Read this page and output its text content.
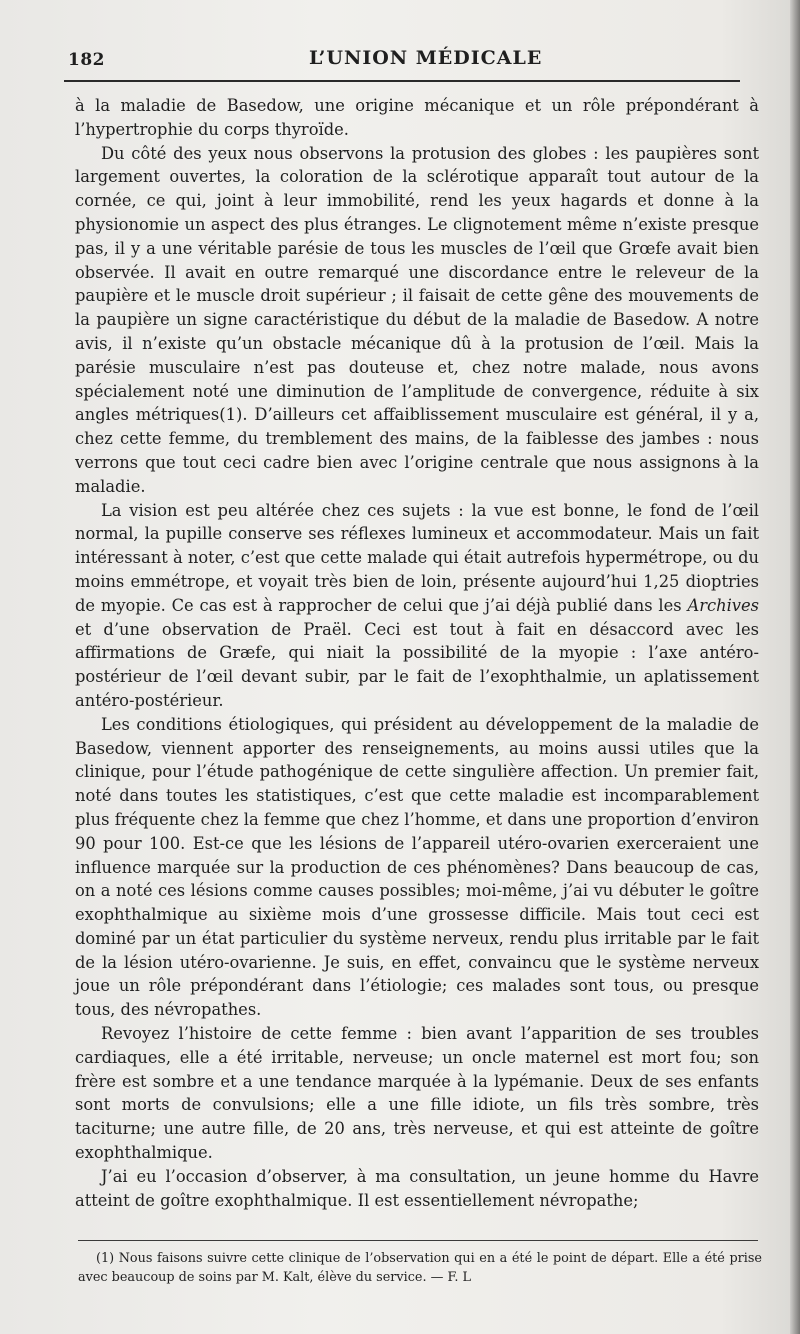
182	L’UNION MÉDICALE

à la maladie de Basedow, une origine mécanique et un rôle prépondérant à l’hypertrophie du corps thyroïde.

Du côté des yeux nous observons la protusion des globes : les paupières sont largement ouvertes, la coloration de la sclérotique apparaît tout autour de la cornée, ce qui, joint à leur immobilité, rend les yeux hagards et donne à la physionomie un aspect des plus étranges. Le clignotement même n’existe presque pas, il y a une véritable parésie de tous les muscles de l’œil que Grœfe avait bien observée. Il avait en outre remarqué une discordance entre le releveur de la paupière et le muscle droit supérieur ; il faisait de cette gêne des mouvements de la paupière un signe caractéristique du début de la maladie de Basedow. A notre avis, il n’existe qu’un obstacle mécanique dû à la protusion de l’œil. Mais la parésie musculaire n’est pas douteuse et, chez notre malade, nous avons spécialement noté une diminution de l’amplitude de convergence, réduite à six angles métriques(1). D’ailleurs cet affaiblissement musculaire est général, il y a, chez cette femme, du tremblement des mains, de la faiblesse des jambes : nous verrons que tout ceci cadre bien avec l’origine centrale que nous assignons à la maladie.

La vision est peu altérée chez ces sujets : la vue est bonne, le fond de l’œil normal, la pupille conserve ses réflexes lumineux et accommodateur. Mais un fait intéressant à noter, c’est que cette malade qui était autrefois hypermétrope, ou du moins emmétrope, et voyait très bien de loin, présente aujourd’hui 1,25 dioptries de myopie. Ce cas est à rapprocher de celui que j’ai déjà publié dans les Archives et d’une observation de Praël. Ceci est tout à fait en désaccord avec les affirmations de Græfe, qui niait la possibilité de la myopie : l’axe antéro-postérieur de l’œil devant subir, par le fait de l’exophthalmie, un aplatissement antéro-postérieur.

Les conditions étiologiques, qui président au développement de la maladie de Basedow, viennent apporter des renseignements, au moins aussi utiles que la clinique, pour l’étude pathogénique de cette singulière affection. Un premier fait, noté dans toutes les statistiques, c’est que cette maladie est incomparablement plus fréquente chez la femme que chez l’homme, et dans une proportion d’environ 90 pour 100. Est-ce que les lésions de l’appareil utéro-ovarien exerceraient une influence marquée sur la production de ces phénomènes? Dans beaucoup de cas, on a noté ces lésions comme causes possibles; moi-même, j’ai vu débuter le goître exophthalmique au sixième mois d’une grossesse difficile. Mais tout ceci est dominé par un état particulier du système nerveux, rendu plus irritable par le fait de la lésion utéro-ovarienne. Je suis, en effet, convaincu que le système nerveux joue un rôle prépondérant dans l’étiologie; ces malades sont tous, ou presque tous, des névropathes.

Revoyez l’histoire de cette femme : bien avant l’apparition de ses troubles cardiaques, elle a été irritable, nerveuse; un oncle maternel est mort fou; son frère est sombre et a une tendance marquée à la lypémanie. Deux de ses enfants sont morts de convulsions; elle a une fille idiote, un fils très sombre, très taciturne; une autre fille, de 20 ans, très nerveuse, et qui est atteinte de goître exophthalmique.

J’ai eu l’occasion d’observer, à ma consultation, un jeune homme du Havre atteint de goître exophthalmique. Il est essentiellement névropathe;

(1) Nous faisons suivre cette clinique de l’observation qui en a été le point de départ. Elle a été prise avec beaucoup de soins par M. Kalt, élève du service. — F. L
